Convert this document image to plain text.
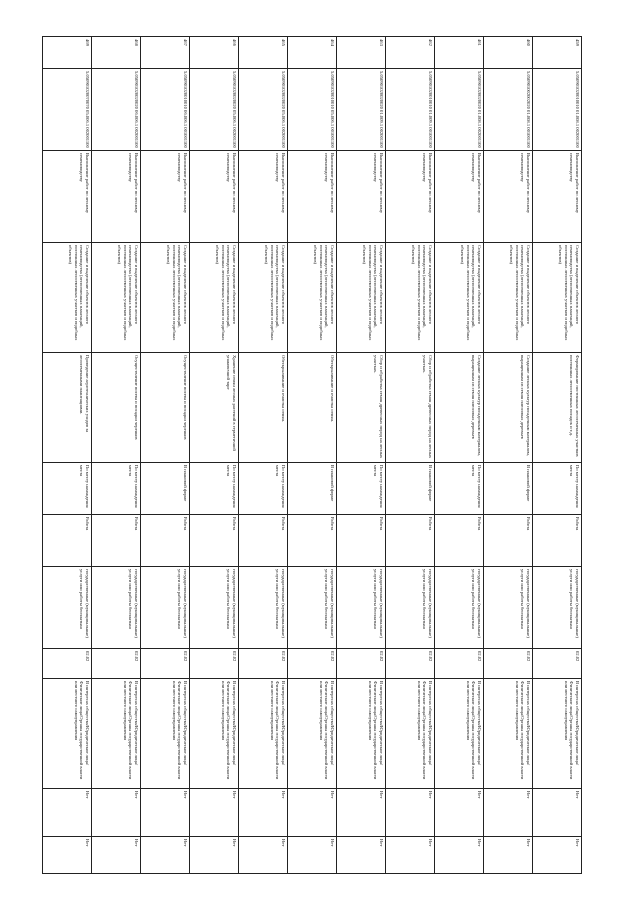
459	5.050901020010010 01.008.1 002001100	Выполнение работ по лесному семеноводству	Создание и выделение объектов лесного семеноводства (лесосеменных плантаций, постоянных лесосеменных участков и подобных объектов)	Формирование постоянных лесосеменных участков постоянных лесосеменных посадок и т.д.	По месту нахождения места	Работа	государственные (муниципальные) услуги или работы бесплатная	02.02	В интересах общества/Юридические лица/Физические лица/Органы государственной власти или местного самоуправления	Нет	Нет
460	5.050901002002020 01.008.1 001001100	Выполнение работ по лесному семеноводству	Создание и выделение объектов лесного семеноводства (лесосеменных плантаций, постоянных лесосеменных участков и подобных объектов)	Создание лесных культур посадочным материалом, выращенным из семян плюсовых деревьев	В плановой форме	Работа	государственные (муниципальные) услуги или работы бесплатная	02.02	В интересах общества/Юридические лица/Физические лица/Органы государственной власти или местного самоуправления	Нет	Нет
461	5.050901020020020 01.008.1 002001100	Выполнение работ по лесному семеноводству	Создание и выделение объектов лесного семеноводства (лесосеменных плантаций, постоянных лесосеменных участков и подобных объектов)	Создание лесных культур посадочным материалом, выращенным из семян плюсовых деревьев	По месту нахождения места	Работа	государственные (муниципальные) услуги или работы бесплатная	02.02	В интересах общества/Юридические лица/Физические лица/Органы государственной власти или местного самоуправления	Нет	Нет
462	5.050901020010010 01.009.1 001001100	Выполнение работ по лесному семеноводству	Создание и выделение объектов лесного семеноводства (лесосеменных плантаций, постоянных лесосеменных участков и подобных объектов)	Сбор и обработка семян древесных пород на лесных участках.	В плановой форме	Работа	государственные (муниципальные) услуги или работы бесплатная	02.02	В интересах общества/Юридические лица/Физические лица/Органы государственной власти или местного самоуправления	Нет	Нет
463	5.050901020020020 01.009.1 002001100	Выполнение работ по лесному семеноводству	Создание и выделение объектов лесного семеноводства (лесосеменных плантаций, постоянных лесосеменных участков и подобных объектов)	Сбор и обработка семян древесных пород на лесных участках.	По месту нахождения места	Работа	государственные (муниципальные) услуги или работы бесплатная	02.02	В интересах общества/Юридические лица/Физические лица/Органы государственной власти или местного самоуправления	Нет	Нет
464	5.050901020010010 05.006.1 001001100	Выполнение работ по лесному семеноводству	Создание и выделение объектов лесного семеноводства (лесосеменных плантаций, постоянных лесосеменных участков и подобных объектов)	Обескрыливание и очистка семян.	В плановой форме	Работа	государственные (муниципальные) услуги или работы бесплатная	02.02	В интересах общества/Юридические лица/Физические лица/Органы государственной власти или местного самоуправления	Нет	Нет
465	5.050901020020020 05.006.1 002001100	Выполнение работ по лесному семеноводству	Создание и выделение объектов лесного семеноводства (лесосеменных плантаций, постоянных лесосеменных участков и подобных объектов)	Обескрыливание и очистка семян.	По месту нахождения места	Работа	государственные (муниципальные) услуги или работы бесплатная	02.02	В интересах общества/Юридические лица/Физические лица/Органы государственной власти или местного самоуправления	Нет	Нет
466	5.050901020020020 05.006.1 002001100	Выполнение работ по лесному семеноводству	Создание и выделение объектов лесного семеноводства (лесосеменных плантаций, постоянных лесосеменных участков и подобных объектов)	Хранение семян лесных растений в герметичной упаковочной таре	По месту нахождения места	Работа	государственные (муниципальные) услуги или работы бесплатная	02.02	В интересах общества/Юридические лица/Физические лица/Органы государственной власти или местного самоуправления	Нет	Нет
467	5.050901020010010 06.006.1 001001100	Выполнение работ по лесному семеноводству	Создание и выделение объектов лесного семеноводства (лесосеменных плантаций, постоянных лесосеменных участков и подобных объектов)	Осуществление посева и посадки черенков	В плановой форме	Работа	государственные (муниципальные) услуги или работы бесплатная	02.02	В интересах общества/Юридические лица/Физические лица/Органы государственной власти или местного самоуправления	Нет	Нет
468	5.050901020020020 06.006.1 002001100	Выполнение работ по лесному семеноводству	Создание и выделение объектов лесного семеноводства (лесосеменных плантаций, постоянных лесосеменных участков и подобных объектов)	Осуществление посева и посадки черенков	По месту нахождения места	Работа	государственные (муниципальные) услуги или работы бесплатная	02.02	В интересах общества/Юридические лица/Физические лица/Органы государственной власти или местного самоуправления	Нет	Нет
469	5.050901020070070 05.006.1 002001100	Выполнение работ по лесному семеноводству	Создание и выделение объектов лесного семеноводства (лесосеменных плантаций, постоянных лесосеменных участков и подобных объектов)	Проведение агротехнических уходов за лесосеменными плантациями.	По месту нахождения места	Работа	государственные (муниципальные) услуги или работы бесплатная	02.02	В интересах общества/Юридические лица/Физические лица/Органы государственной власти или местного самоуправления	Нет	Нет
